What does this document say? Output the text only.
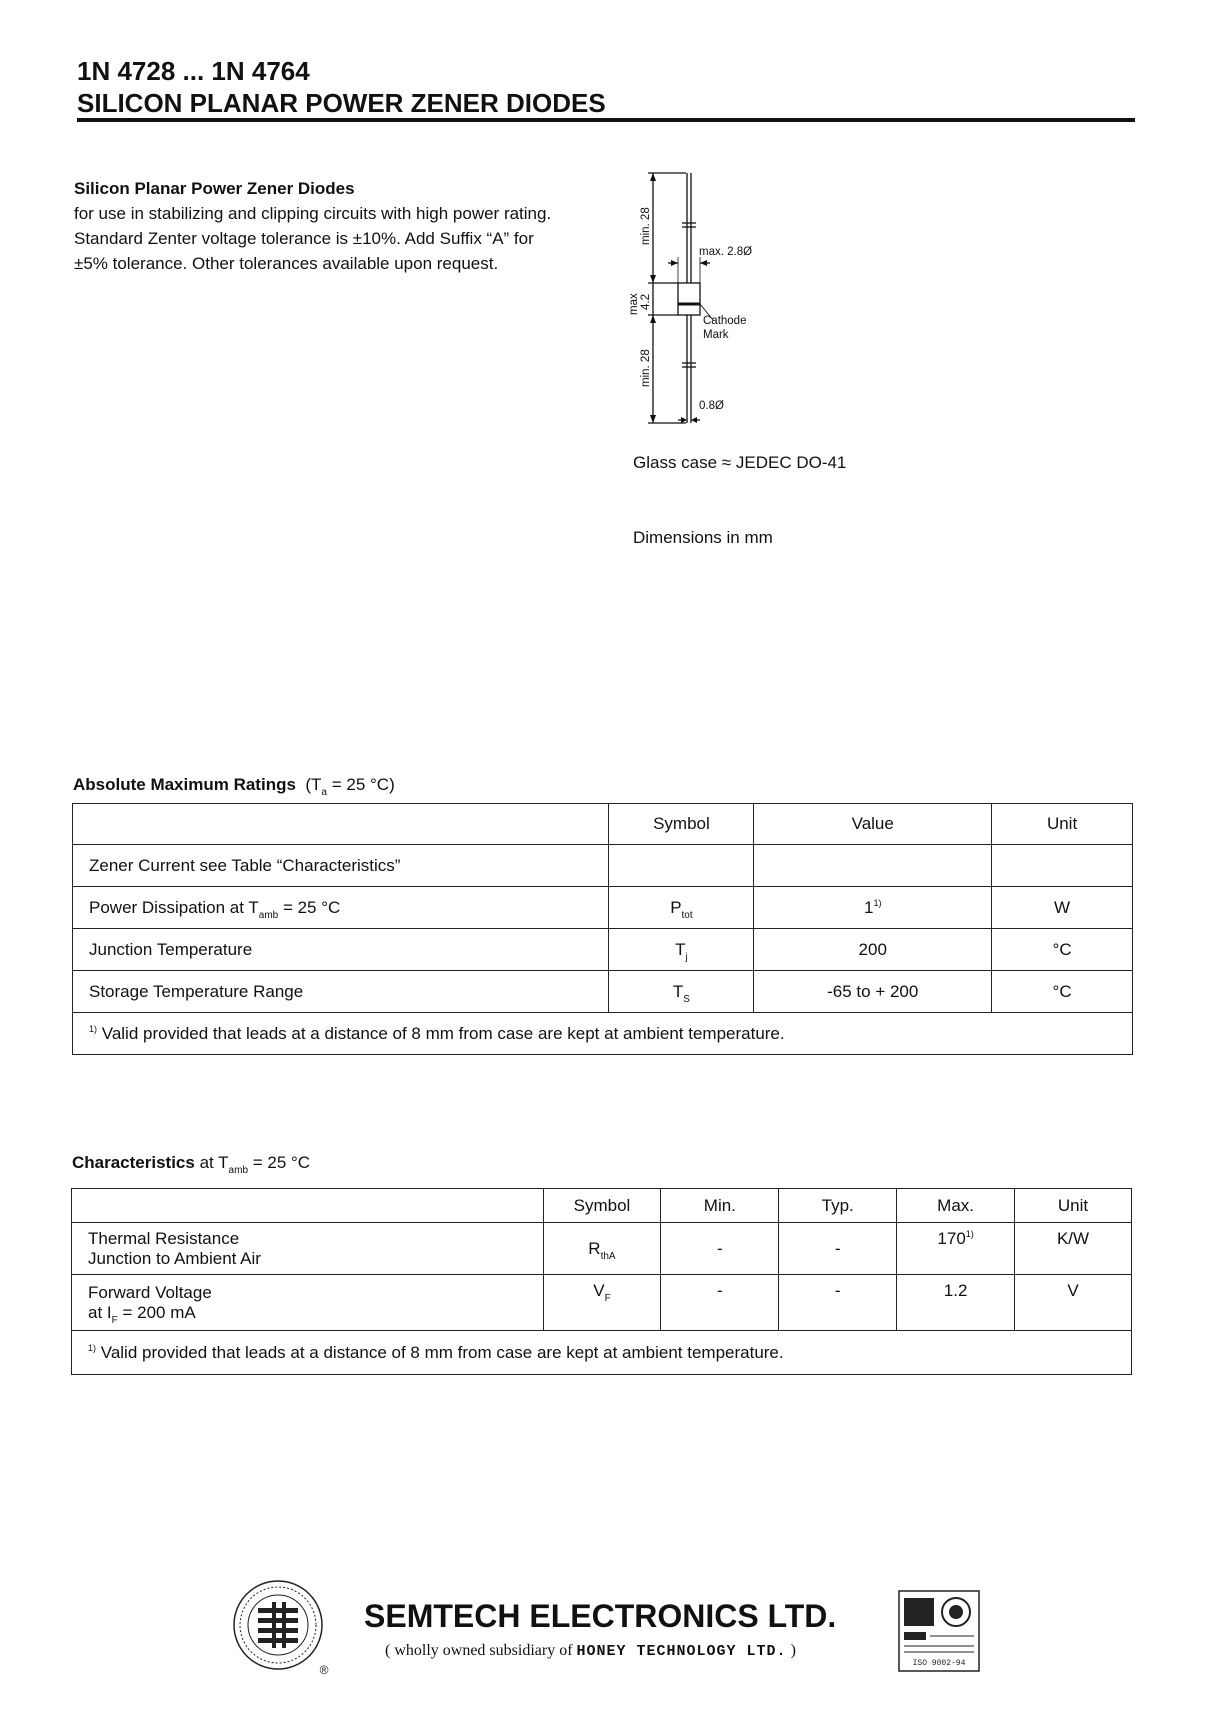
1N 4728 ... 1N 4764
SILICON PLANAR POWER ZENER DIODES
Silicon Planar Power Zener Diodes
for use in stabilizing and clipping circuits with high power rating.
Standard Zenter voltage tolerance is ±10%. Add Suffix “A” for
±5% tolerance. Other tolerances available upon request.
min. 28
max 4.2
min. 28
max. 2.8Ø
Cathode
Mark
0.8Ø
Glass case ≈ JEDEC DO-41
Dimensions in mm
Absolute Maximum Ratings ($T_a = 25$ °C)
	Symbol	Value	Unit
Zener Current see Table “Characteristics”			
Power Dissipation at $T_{amb} = 25$ °C	$P_{tot}$	1$^{1)}$	W
Junction Temperature	$T_j$	200	°C
Storage Temperature Range	$T_S$	-65 to + 200	°C
$^{1)}$ Valid provided that leads at a distance of 8 mm from case are kept at ambient temperature.			
Characteristics at $T_{amb} = 25$ °C
	Symbol	Min.	Typ.	Max.	Unit

Thermal Resistance
Junction to Ambient Air	$R_{thA}$	-	-	170$^{1)}$	K/W

Forward Voltage
at $I_F = 200$ mA	$V_F$	-	-	1.2	V
$^{1)}$ Valid provided that leads at a distance of 8 mm from case are kept at ambient temperature.					
®
SEMTECH ELECTRONICS LTD.
( wholly owned subsidiary of HONEY TECHNOLOGY LTD. )
ISO 9002-94
